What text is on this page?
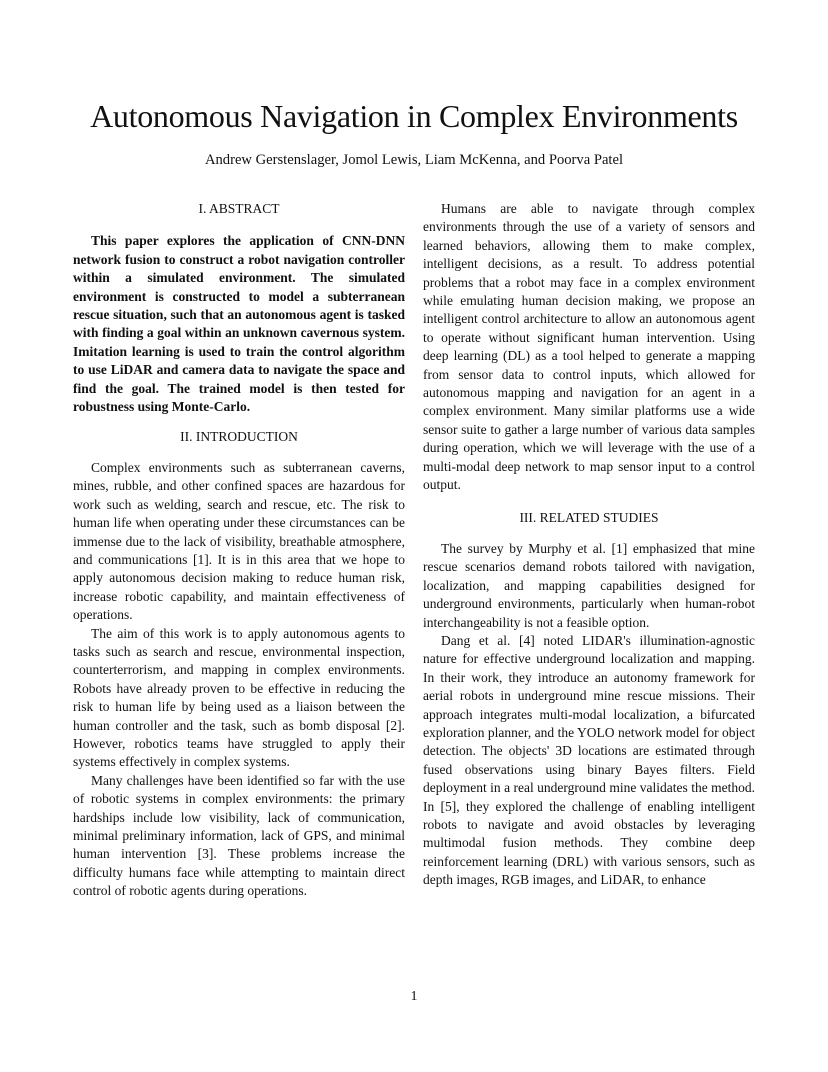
Autonomous Navigation in Complex Environments
Andrew Gerstenslager, Jomol Lewis, Liam McKenna, and Poorva Patel
I. ABSTRACT

This paper explores the application of CNN-DNN network fusion to construct a robot navigation controller within a simulated environment. The simulated environment is constructed to model a subterranean rescue situation, such that an autonomous agent is tasked with finding a goal within an unknown cavernous system. Imitation learning is used to train the control algorithm to use LiDAR and camera data to navigate the space and find the goal. The trained model is then tested for robustness using Monte-Carlo.

II. INTRODUCTION

Complex environments such as subterranean caverns, mines, rubble, and other confined spaces are hazardous for work such as welding, search and rescue, etc. The risk to human life when operating under these circumstances can be immense due to the lack of visibility, breathable atmosphere, and communications [1]. It is in this area that we hope to apply autonomous decision making to reduce human risk, increase robotic capability, and maintain effectiveness of operations.

The aim of this work is to apply autonomous agents to tasks such as search and rescue, environmental inspection, counterterrorism, and mapping in complex environments. Robots have already proven to be effective in reducing the risk to human life by being used as a liaison between the human controller and the task, such as bomb disposal [2]. However, robotics teams have struggled to apply their systems effectively in complex systems.

Many challenges have been identified so far with the use of robotic systems in complex environments: the primary hardships include low visibility, lack of communication, minimal preliminary information, lack of GPS, and minimal human intervention [3]. These problems increase the difficulty humans face while attempting to maintain direct control of robotic agents during operations.

Humans are able to navigate through complex environments through the use of a variety of sensors and learned behaviors, allowing them to make complex, intelligent decisions, as a result. To address potential problems that a robot may face in a complex environment while emulating human decision making, we propose an intelligent control architecture to allow an autonomous agent to operate without significant human intervention. Using deep learning (DL) as a tool helped to generate a mapping from sensor data to control inputs, which allowed for autonomous mapping and navigation for an agent in a complex environment. Many similar platforms use a wide sensor suite to gather a large number of various data samples during operation, which we will leverage with the use of a multi-modal deep network to map sensor input to a control output.

III. RELATED STUDIES

The survey by Murphy et al. [1] emphasized that mine rescue scenarios demand robots tailored with navigation, localization, and mapping capabilities designed for underground environments, particularly when human-robot interchangeability is not a feasible option.

Dang et al. [4] noted LIDAR's illumination-agnostic nature for effective underground localization and mapping. In their work, they introduce an autonomy framework for aerial robots in underground mine rescue missions. Their approach integrates multi-modal localization, a bifurcated exploration planner, and the YOLO network model for object detection. The objects' 3D locations are estimated through fused observations using binary Bayes filters. Field deployment in a real underground mine validates the method. In [5], they explored the challenge of enabling intelligent robots to navigate and avoid obstacles by leveraging multimodal fusion methods. They combine deep reinforcement learning (DRL) with various sensors, such as depth images, RGB images, and LiDAR, to enhance

1
